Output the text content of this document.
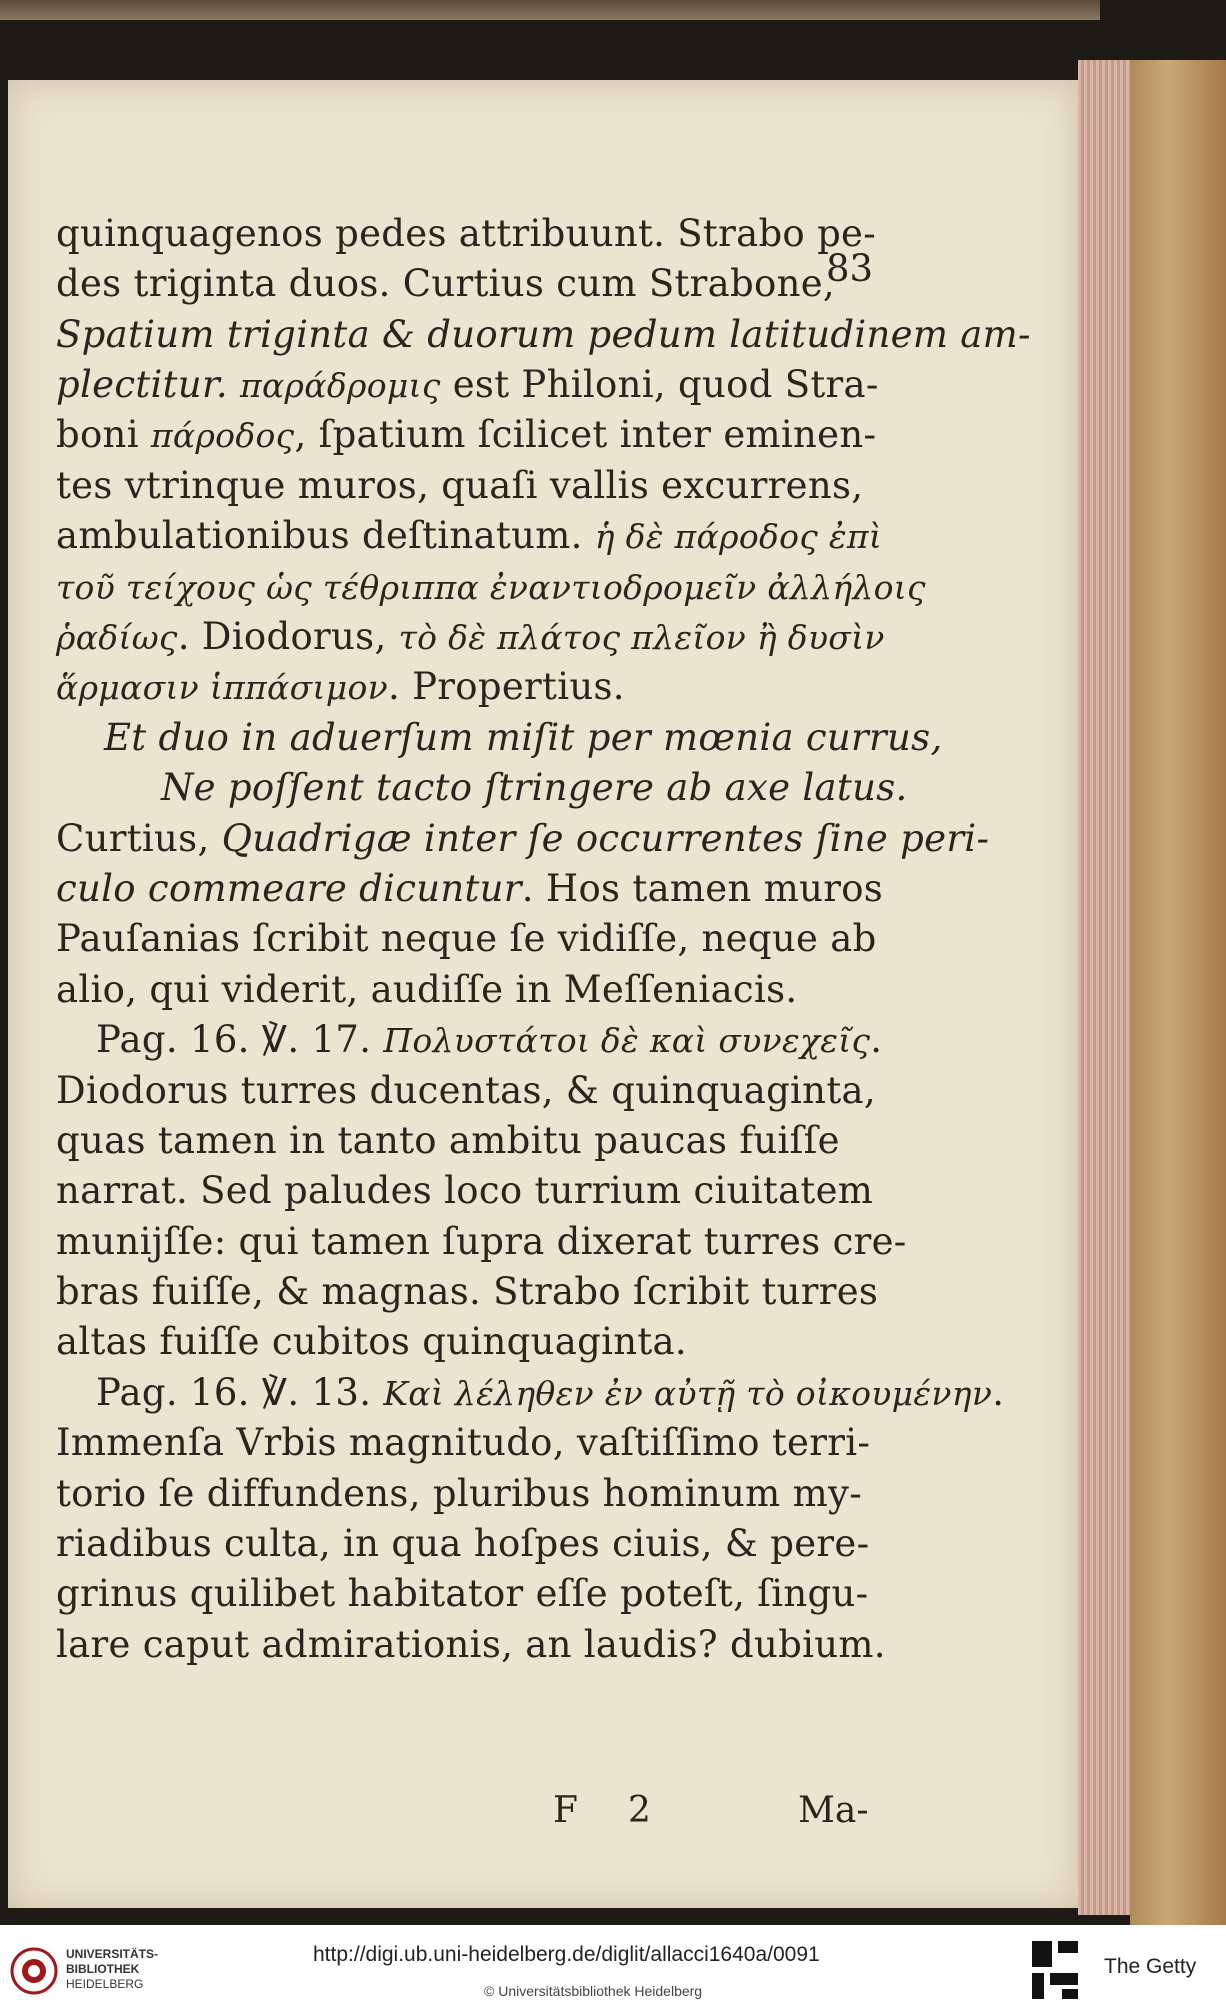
83
quinquagenos pedes attribuunt. Strabo pe-
des triginta duos. Curtius cum Strabone,
Spatium triginta & duorum pedum latitudinem am-
plectitur. παράδρομις est Philoni, quod Stra-
boni πάροδος, ſpatium ſcilicet inter eminen-
tes vtrinque muros, quaſi vallis excurrens,
ambulationibus deſtinatum. ἡ δὲ πάροδος ἐπὶ
τοῦ τείχους ὡς τέθριππα ἐναντιοδρομεῖν ἀλλήλοις
ῥαδίως. Diodorus, τὸ δὲ πλάτος πλεῖον ἢ δυσὶν
ἅρμασιν ἱππάσιμον. Propertius.
Et duo in aduerſum miſit per mœnia currus,
Ne poſſent tacto ſtringere ab axe latus.
Curtius, Quadrigæ inter ſe occurrentes ſine peri-
culo commeare dicuntur. Hos tamen muros
Pauſanias ſcribit neque ſe vidiſſe, neque ab
alio, qui viderit, audiſſe in Meſſeniacis.
Pag. 16. ℣. 17. Πολυστάτοι δὲ καὶ συνεχεῖς.
Diodorus turres ducentas, & quinquaginta,
quas tamen in tanto ambitu paucas fuiſſe
narrat. Sed paludes loco turrium ciuitatem
munijſſe: qui tamen ſupra dixerat turres cre-
bras fuiſſe, & magnas. Strabo ſcribit turres
altas fuiſſe cubitos quinquaginta.
Pag. 16. ℣. 13. Καὶ λέληθεν ἐν αὐτῇ τὸ οἰκουμένην.
Immenſa Vrbis magnitudo, vaſtiſſimo terri-
torio ſe diffundens, pluribus hominum my-
riadibus culta, in qua hoſpes ciuis, & pere-
grinus quilibet habitator eſſe poteſt, ſingu-
lare caput admirationis, an laudis? dubium.
F 2	Ma-
UNIVERSITÄTS-
BIBLIOTHEK
HEIDELBERG
http://digi.ub.uni-heidelberg.de/diglit/allacci1640a/0091
© Universitätsbibliothek Heidelberg
The Getty
